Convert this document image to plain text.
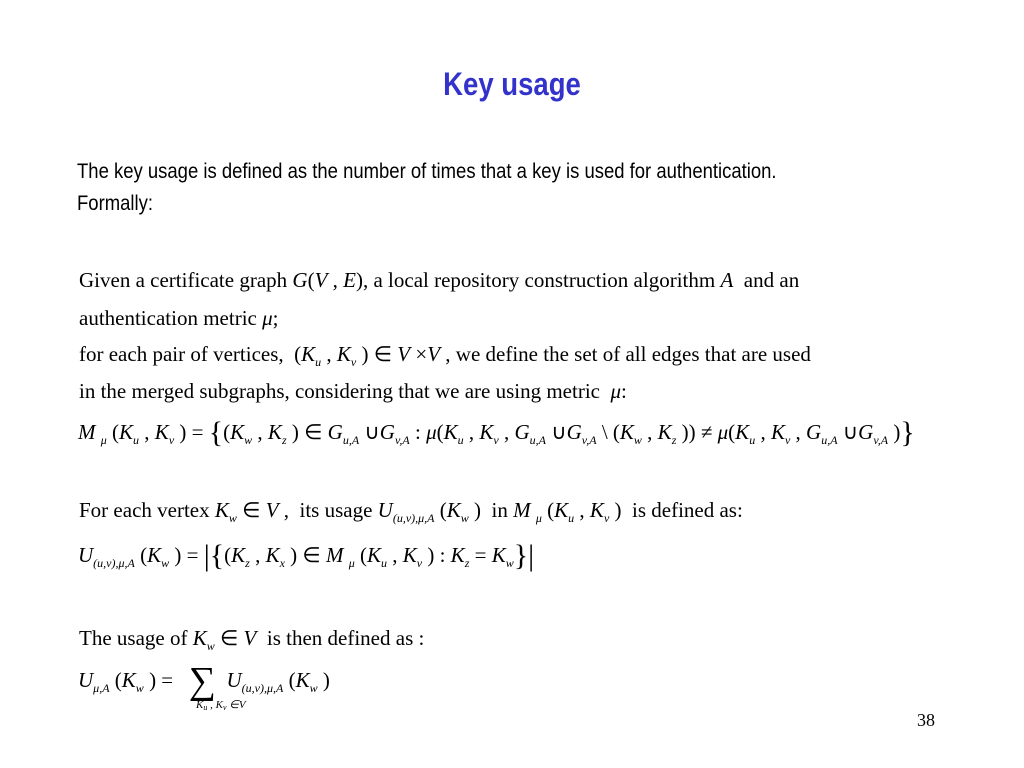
Key usage
The key usage is defined as the number of times that a key is used for authentication.
Formally:
Given a certificate graph G(V , E), a local repository construction algorithm A  and an
authentication metric μ;
for each pair of vertices,  ($K_u$ , $K_v$ ) ∈ V ×V , we define the set of all edges that are used
in the merged subgraphs, considering that we are using metric  μ:
M $_\mu$ ($K_u$ , $K_v$ ) = {($K_w$ , $K_z$ ) ∈ $G_{u,A}$ $\cup G_{v,A}$ : $\mu(K_u$ , $K_v$ , $G_{u,A}$ $\cup G_{v,A}$ \ ($K_w$ , $K_z$ )) ≠ $\mu(K_u$ , $K_v$ , $G_{u,A}$ $\cup G_{v,A}$ )}
For each vertex $K_w$ ∈ V ,  its usage $U_{(u,v),\mu,A}$ ($K_w$ )  in M $_\mu$ ($K_u$ , $K_v$ )  is defined as:
$U_{(u,v),\mu,A}$ ($K_w$ ) = $|\{(K_z$ , $K_x$ ) ∈ M $_\mu$ ($K_u$ , $K_v$ ) : $K_z = K_w\}|$
The usage of $K_w$ ∈ V  is then defined as :
$U_{\mu,A}$ ($K_w$ ) =   ∑ $U_{(u,v),\mu,A}$ ($K_w$ )
$K_u$ , $K_v$ ∈V
38
